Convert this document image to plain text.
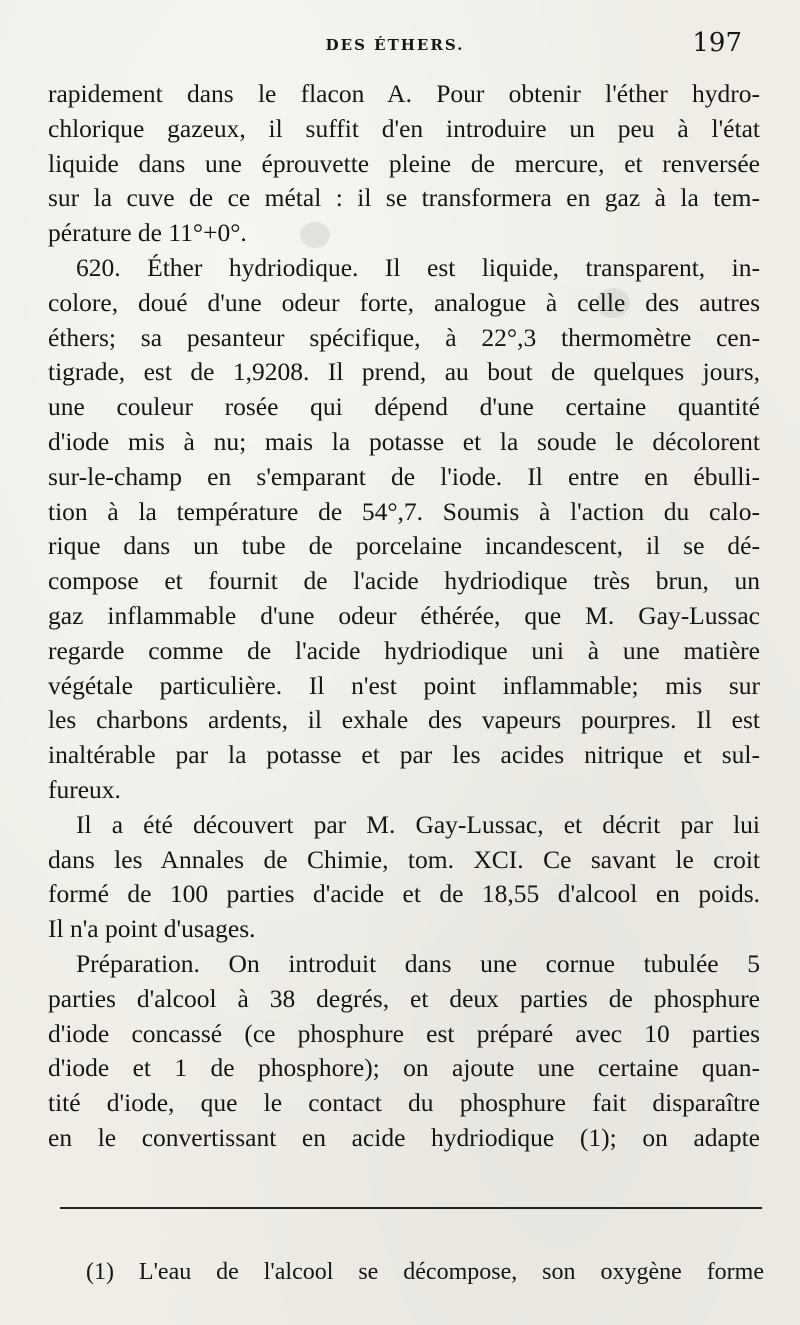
DES ÉTHERS.	197
rapidement dans le flacon A. Pour obtenir l'éther hydro-
chlorique gazeux, il suffit d'en introduire un peu à l'état
liquide dans une éprouvette pleine de mercure, et renversée
sur la cuve de ce métal : il se transformera en gaz à la tem-
pérature de 11°+0°.
620. Éther hydriodique. Il est liquide, transparent, in-
colore, doué d'une odeur forte, analogue à celle des autres
éthers; sa pesanteur spécifique, à 22°,3 thermomètre cen-
tigrade, est de 1,9208. Il prend, au bout de quelques jours,
une couleur rosée qui dépend d'une certaine quantité
d'iode mis à nu; mais la potasse et la soude le décolorent
sur-le-champ en s'emparant de l'iode. Il entre en ébulli-
tion à la température de 54°,7. Soumis à l'action du calo-
rique dans un tube de porcelaine incandescent, il se dé-
compose et fournit de l'acide hydriodique très brun, un
gaz inflammable d'une odeur éthérée, que M. Gay-Lussac
regarde comme de l'acide hydriodique uni à une matière
végétale particulière. Il n'est point inflammable; mis sur
les charbons ardents, il exhale des vapeurs pourpres. Il est
inaltérable par la potasse et par les acides nitrique et sul-
fureux.
Il a été découvert par M. Gay-Lussac, et décrit par lui
dans les Annales de Chimie, tom. XCI. Ce savant le croit
formé de 100 parties d'acide et de 18,55 d'alcool en poids.
Il n'a point d'usages.
Préparation. On introduit dans une cornue tubulée 5
parties d'alcool à 38 degrés, et deux parties de phosphure
d'iode concassé (ce phosphure est préparé avec 10 parties
d'iode et 1 de phosphore); on ajoute une certaine quan-
tité d'iode, que le contact du phosphure fait disparaître
en le convertissant en acide hydriodique (1); on adapte
(1) L'eau de l'alcool se décompose, son oxygène forme
